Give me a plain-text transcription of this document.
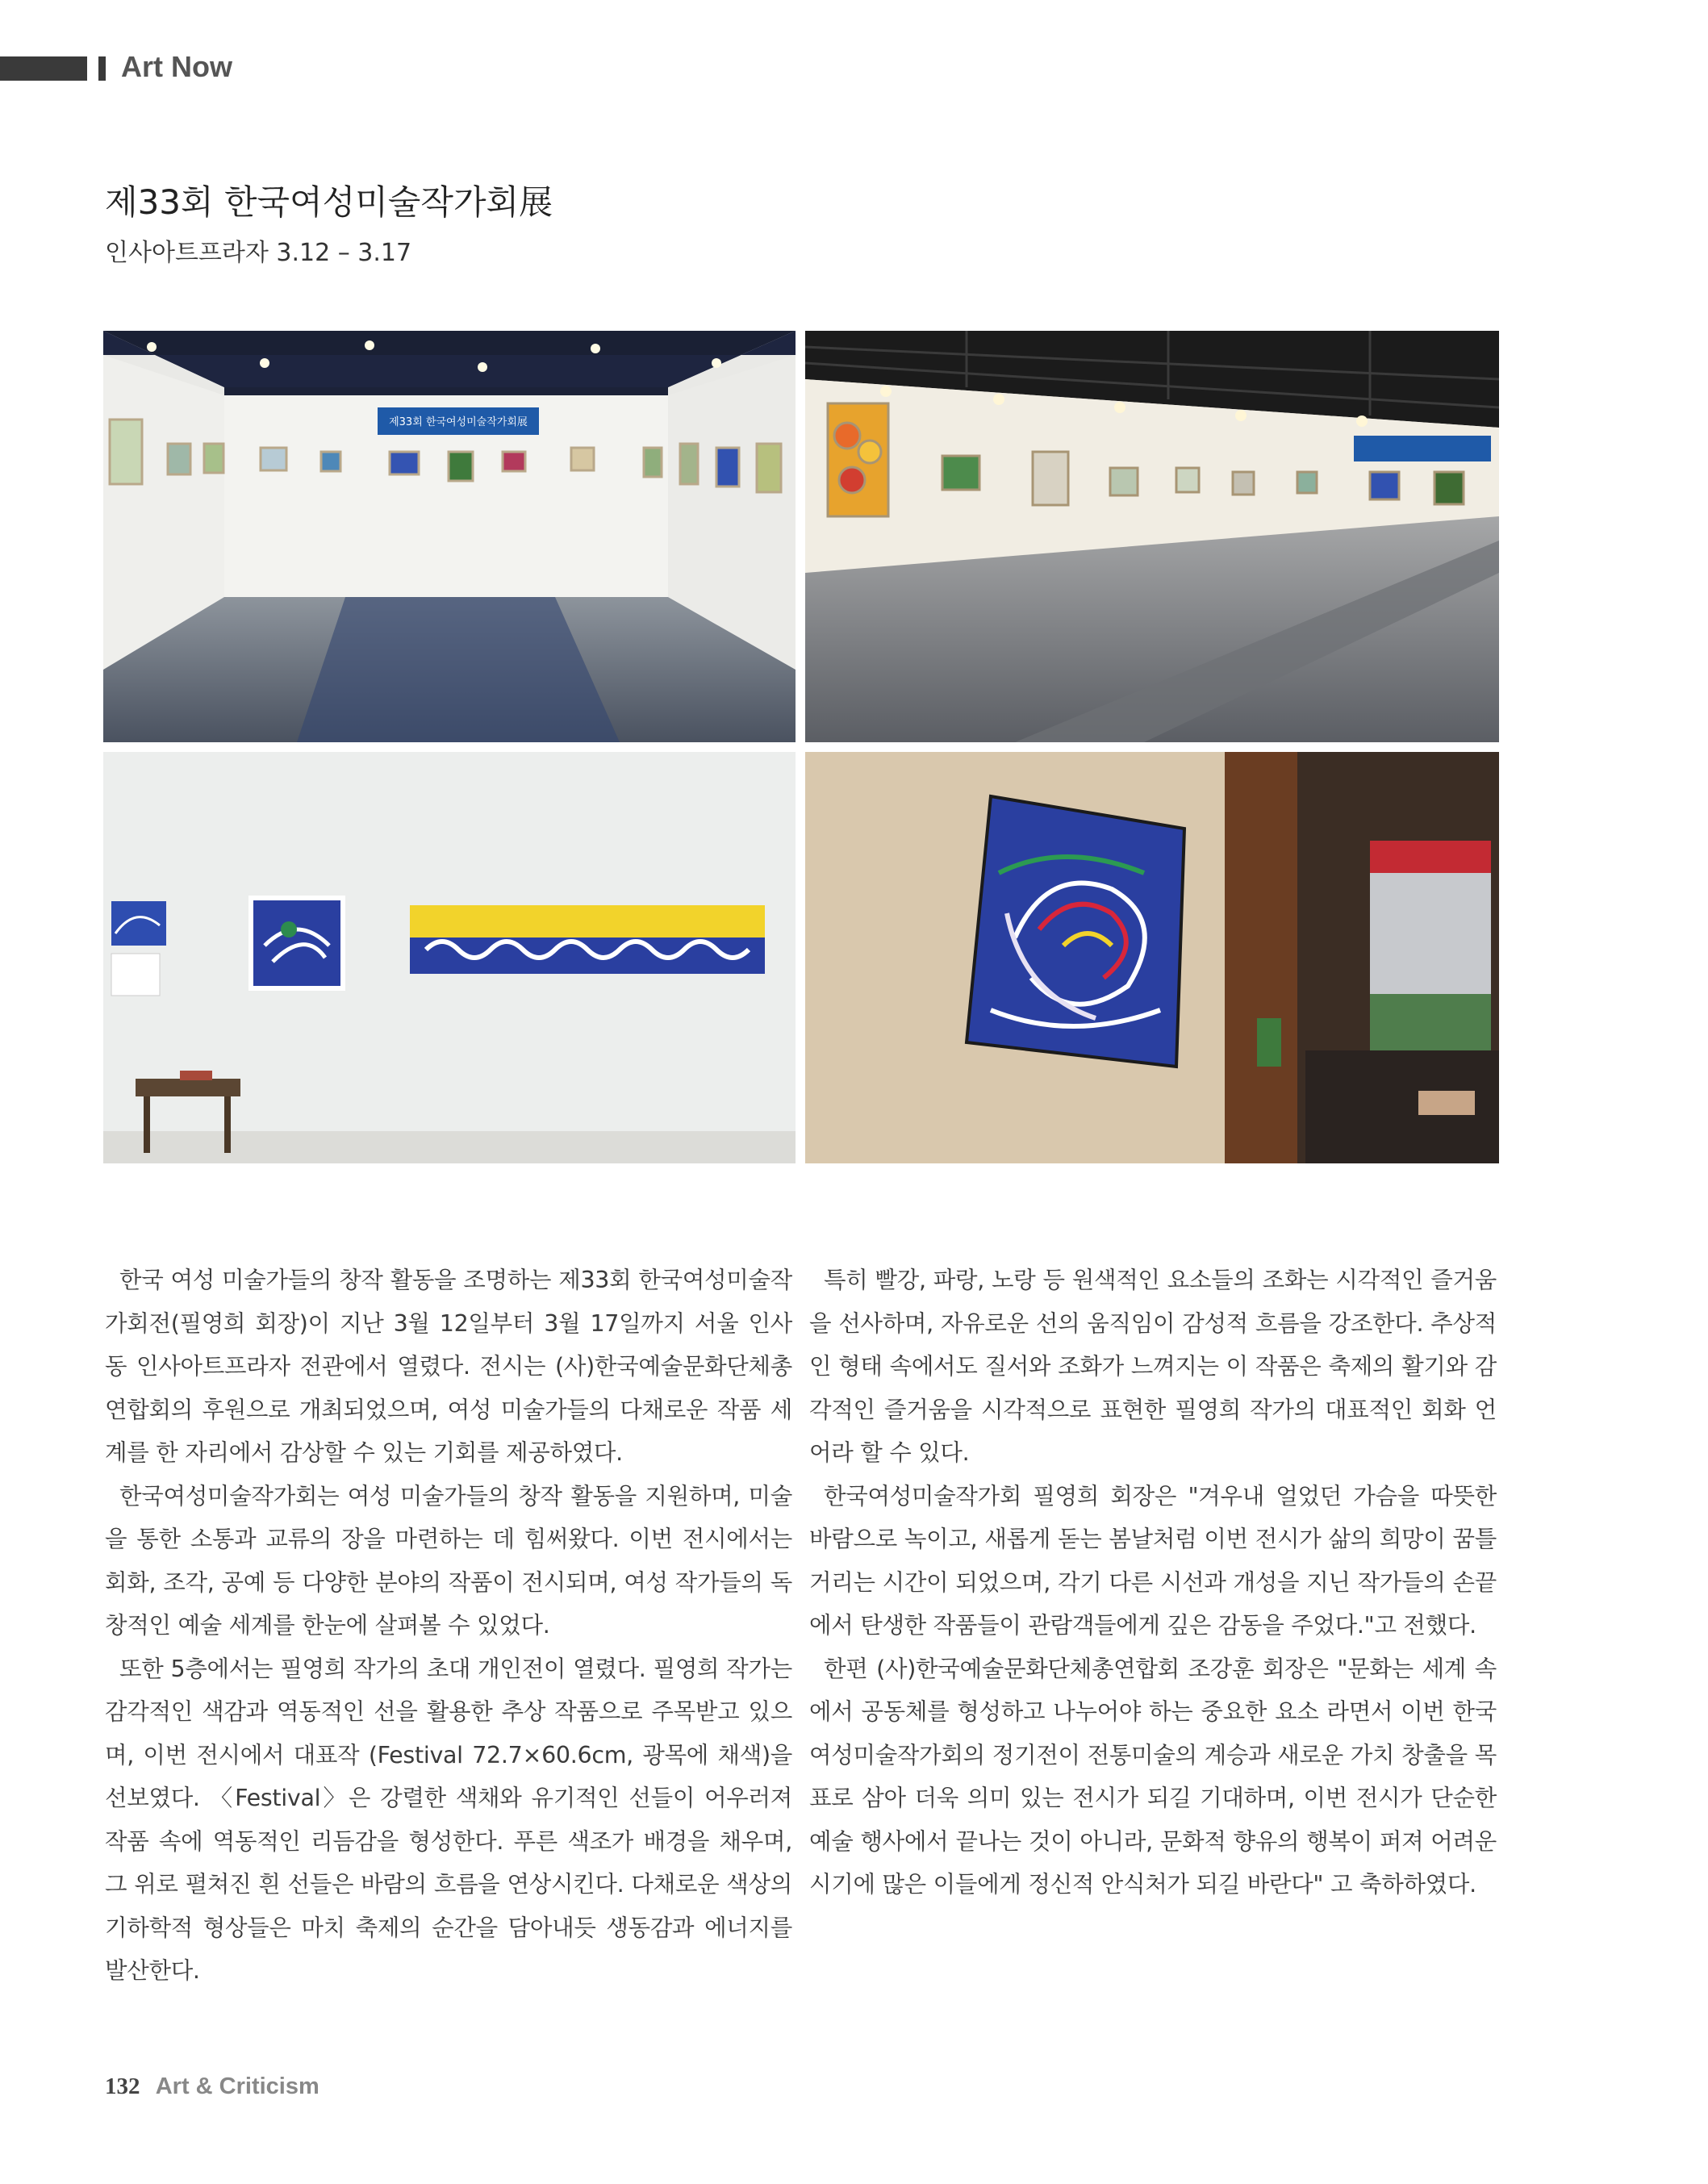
Art Now
제33회 한국여성미술작가회展
인사아트프라자 3.12 – 3.17
제33회 한국여성미술작가회展

한국 여성 미술가들의 창작 활동을 조명하는 제33회 한국여성미술작가회전(필영희 회장)이 지난 3월 12일부터 3월 17일까지 서울 인사동 인사아트프라자 전관에서 열렸다. 전시는 (사)한국예술문화단체총연합회의 후원으로 개최되었으며, 여성 미술가들의 다채로운 작품 세계를 한 자리에서 감상할 수 있는 기회를 제공하였다.

한국여성미술작가회는 여성 미술가들의 창작 활동을 지원하며, 미술을 통한 소통과 교류의 장을 마련하는 데 힘써왔다. 이번 전시에서는 회화, 조각, 공예 등 다양한 분야의 작품이 전시되며, 여성 작가들의 독창적인 예술 세계를 한눈에 살펴볼 수 있었다.

또한 5층에서는 필영희 작가의 초대 개인전이 열렸다. 필영희 작가는 감각적인 색감과 역동적인 선을 활용한 추상 작품으로 주목받고 있으며, 이번 전시에서 대표작 (Festival 72.7×60.6cm, 광목에 채색)을 선보였다. 〈Festival〉은 강렬한 색채와 유기적인 선들이 어우러져 작품 속에 역동적인 리듬감을 형성한다. 푸른 색조가 배경을 채우며, 그 위로 펼쳐진 흰 선들은 바람의 흐름을 연상시킨다. 다채로운 색상의 기하학적 형상들은 마치 축제의 순간을 담아내듯 생동감과 에너지를 발산한다.

특히 빨강, 파랑, 노랑 등 원색적인 요소들의 조화는 시각적인 즐거움을 선사하며, 자유로운 선의 움직임이 감성적 흐름을 강조한다. 추상적인 형태 속에서도 질서와 조화가 느껴지는 이 작품은 축제의 활기와 감각적인 즐거움을 시각적으로 표현한 필영희 작가의 대표적인 회화 언어라 할 수 있다.

한국여성미술작가회 필영희 회장은 "겨우내 얼었던 가슴을 따뜻한 바람으로 녹이고, 새롭게 돋는 봄날처럼 이번 전시가 삶의 희망이 꿈틀거리는 시간이 되었으며, 각기 다른 시선과 개성을 지닌 작가들의 손끝에서 탄생한 작품들이 관람객들에게 깊은 감동을 주었다."고 전했다.

한편 (사)한국예술문화단체총연합회 조강훈 회장은 "문화는 세계 속에서 공동체를 형성하고 나누어야 하는 중요한 요소 라면서 이번 한국여성미술작가회의 정기전이 전통미술의 계승과 새로운 가치 창출을 목표로 삼아 더욱 의미 있는 전시가 되길 기대하며, 이번 전시가 단순한 예술 행사에서 끝나는 것이 아니라, 문화적 향유의 행복이 퍼져 어려운 시기에 많은 이들에게 정신적 안식처가 되길 바란다" 고 축하하였다.

132 Art & Criticism
